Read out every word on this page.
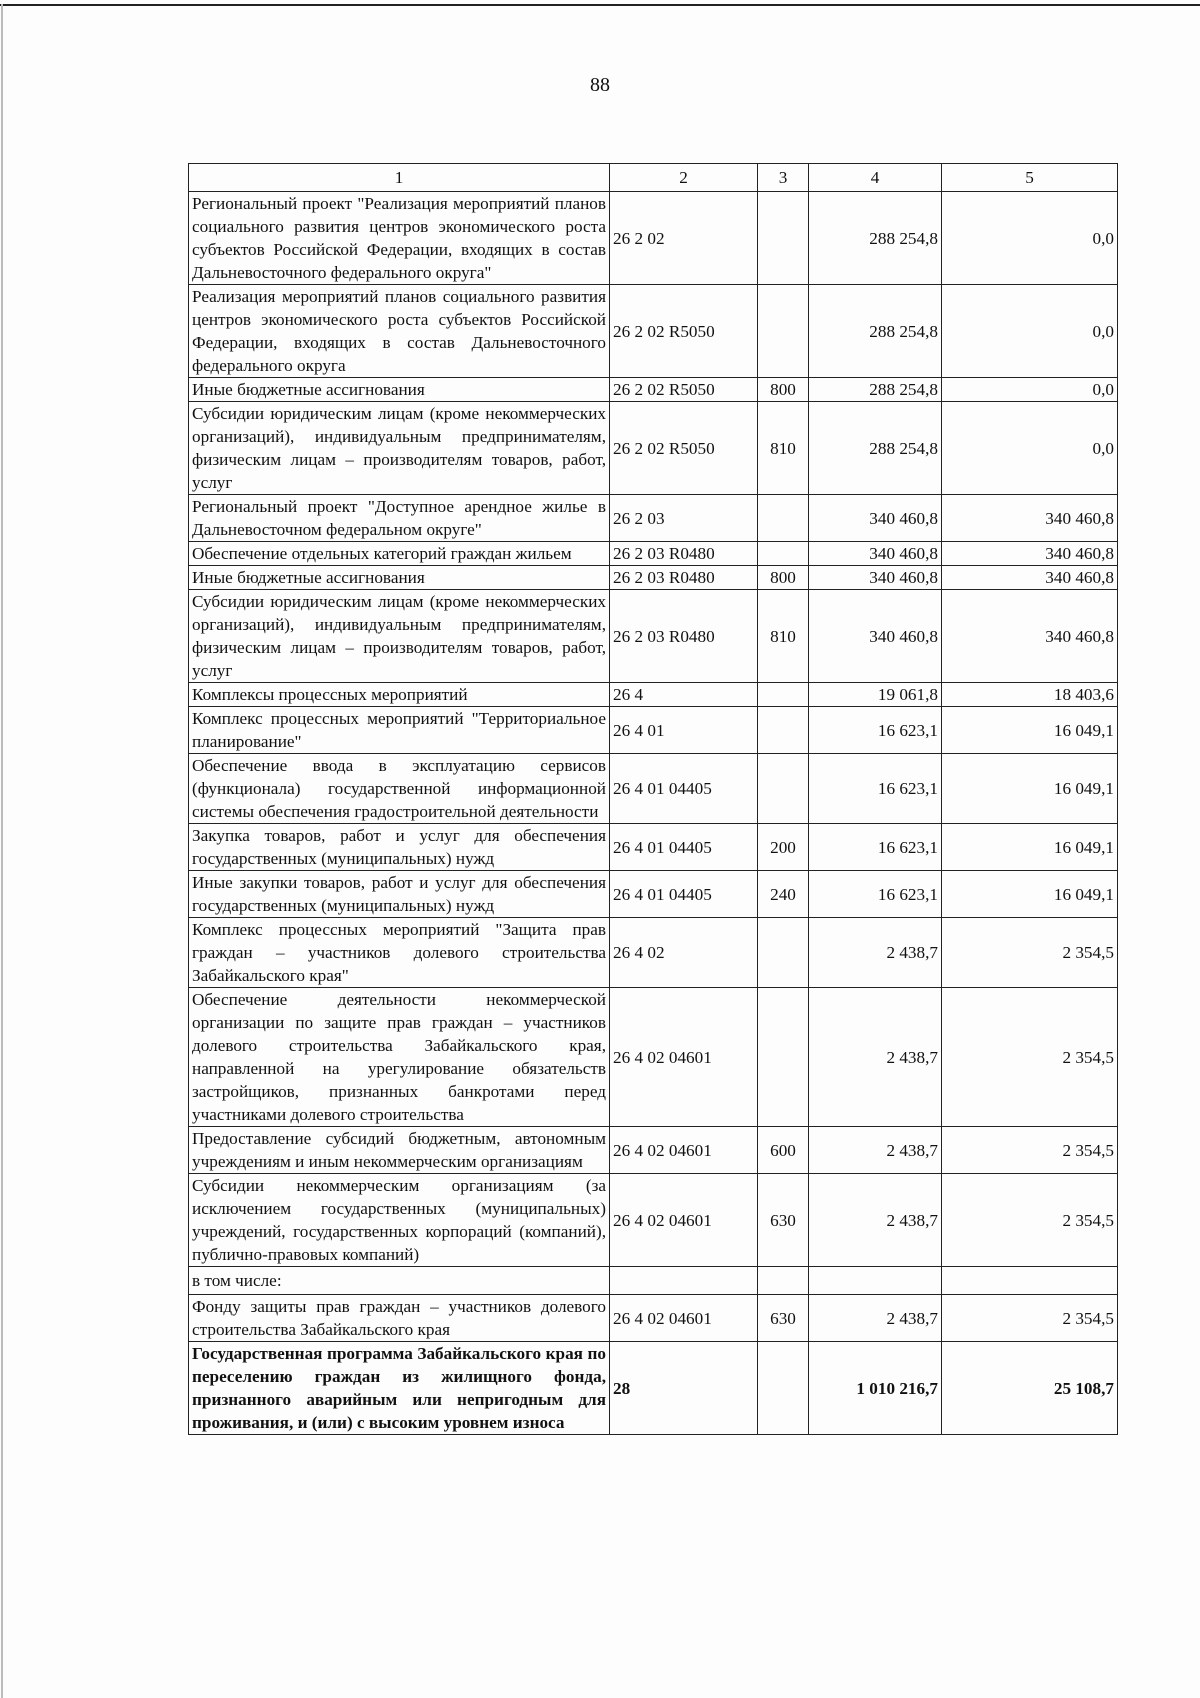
88
1	2	3	4	5
Региональный проект "Реализация мероприятий планов социального развития центров экономического роста субъектов Российской Федерации, входящих в состав Дальневосточного федерального округа"	26 2 02		288 254,8	0,0
Реализация мероприятий планов социального развития центров экономического роста субъектов Российской Федерации, входящих в состав Дальневосточного федерального округа	26 2 02 R5050		288 254,8	0,0
Иные бюджетные ассигнования	26 2 02 R5050	800	288 254,8	0,0
Субсидии юридическим лицам (кроме некоммерческих организаций), индивидуальным предпринимателям, физическим лицам – производителям товаров, работ, услуг	26 2 02 R5050	810	288 254,8	0,0
Региональный проект "Доступное арендное жилье в Дальневосточном федеральном округе"	26 2 03		340 460,8	340 460,8
Обеспечение отдельных категорий граждан жильем	26 2 03 R0480		340 460,8	340 460,8
Иные бюджетные ассигнования	26 2 03 R0480	800	340 460,8	340 460,8
Субсидии юридическим лицам (кроме некоммерческих организаций), индивидуальным предпринимателям, физическим лицам – производителям товаров, работ, услуг	26 2 03 R0480	810	340 460,8	340 460,8
Комплексы процессных мероприятий	26 4		19 061,8	18 403,6
Комплекс процессных мероприятий "Территориальное планирование"	26 4 01		16 623,1	16 049,1
Обеспечение ввода в эксплуатацию сервисов (функционала) государственной информационной системы обеспечения градостроительной деятельности	26 4 01 04405		16 623,1	16 049,1
Закупка товаров, работ и услуг для обеспечения государственных (муниципальных) нужд	26 4 01 04405	200	16 623,1	16 049,1
Иные закупки товаров, работ и услуг для обеспечения государственных (муниципальных) нужд	26 4 01 04405	240	16 623,1	16 049,1
Комплекс процессных мероприятий "Защита прав граждан – участников долевого строительства Забайкальского края"	26 4 02		2 438,7	2 354,5
Обеспечение деятельности некоммерческой организации по защите прав граждан – участников долевого строительства Забайкальского края, направленной на урегулирование обязательств застройщиков, признанных банкротами перед участниками долевого строительства	26 4 02 04601		2 438,7	2 354,5
Предоставление субсидий бюджетным, автономным учреждениям и иным некоммерческим организациям	26 4 02 04601	600	2 438,7	2 354,5
Субсидии некоммерческим организациям (за исключением государственных (муниципальных) учреждений, государственных корпораций (компаний), публично-правовых компаний)	26 4 02 04601	630	2 438,7	2 354,5
в том числе:				
Фонду защиты прав граждан – участников долевого строительства Забайкальского края	26 4 02 04601	630	2 438,7	2 354,5
Государственная программа Забайкальского края по переселению граждан из жилищного фонда, признанного аварийным или непригодным для проживания, и (или) с высоким уровнем износа	28		1 010 216,7	25 108,7
